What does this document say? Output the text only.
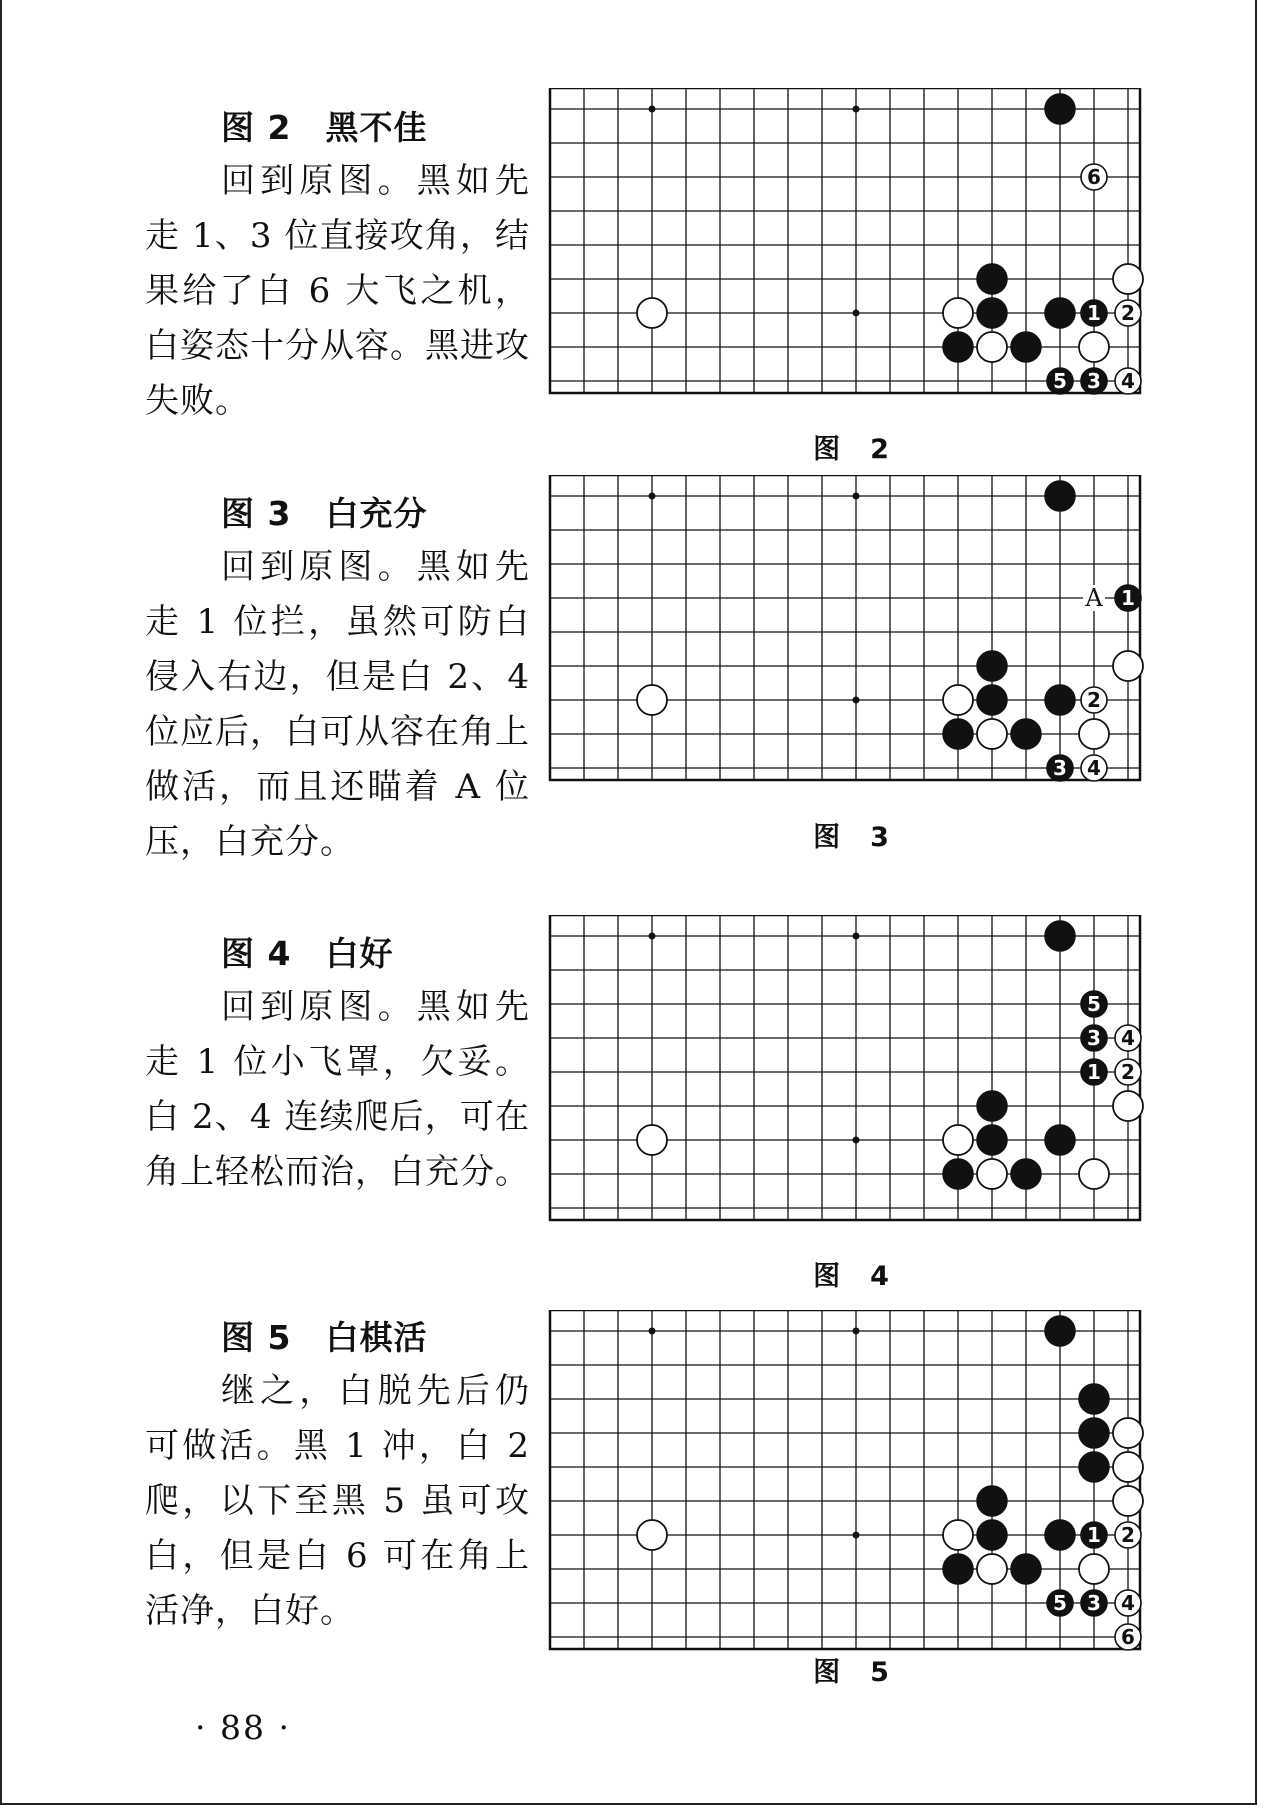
图 2 黑不佳

回到原图。黑如先走 1、3 位直接攻角，结果给了白 6 大飞之机，白姿态十分从容。黑进攻失败。

6
1 2
3 4
5
图 2

图 3 白充分

回到原图。黑如先走 1 位拦，虽然可防白侵入右边，但是白 2、4 位应后，白可从容在角上做活，而且还瞄着 A 位压，白充分。

1
2
3 4
A
图 3

图 4 白好

回到原图。黑如先走 1 位小飞罩，欠妥。白 2、4 连续爬后，可在角上轻松而治，白充分。

5
3 4
1 2
图 4

图 5 白棋活

继之，白脱先后仍可做活。黑 1 冲，白 2 爬，以下至黑 5 虽可攻白，但是白 6 可在角上活净，白好。

1 2
3 4
5
6
图 5
· 88 ·
